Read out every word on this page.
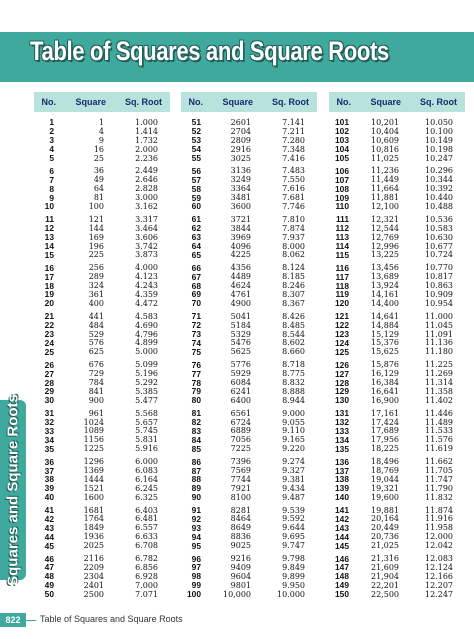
Table of Squares and Square Roots
Squares and Square Roots
No.	Square	Sq. Root
1	1	1.000
2	4	1.414
3	9	1.732
4	16	2.000
5	25	2.236
6	36	2.449
7	49	2.646
8	64	2.828
9	81	3.000
10	100	3.162
11	121	3.317
12	144	3.464
13	169	3.606
14	196	3.742
15	225	3.873
16	256	4.000
17	289	4.123
18	324	4.243
19	361	4.359
20	400	4.472
21	441	4.583
22	484	4.690
23	529	4.796
24	576	4.899
25	625	5.000
26	676	5.099
27	729	5.196
28	784	5.292
29	841	5.385
30	900	5.477
31	961	5.568
32	1024	5.657
33	1089	5.745
34	1156	5.831
35	1225	5.916
36	1296	6.000
37	1369	6.083
38	1444	6.164
39	1521	6.245
40	1600	6.325
41	1681	6.403
42	1764	6.481
43	1849	6.557
44	1936	6.633
45	2025	6.708
46	2116	6.782
47	2209	6.856
48	2304	6.928
49	2401	7.000
50	2500	7.071
No.	Square	Sq. Root
51	2601	7.141
52	2704	7.211
53	2809	7.280
54	2916	7.348
55	3025	7.416
56	3136	7.483
57	3249	7.550
58	3364	7.616
59	3481	7.681
60	3600	7.746
61	3721	7.810
62	3844	7.874
63	3969	7.937
64	4096	8.000
65	4225	8.062
66	4356	8.124
67	4489	8.185
68	4624	8.246
69	4761	8.307
70	4900	8.367
71	5041	8.426
72	5184	8.485
73	5329	8.544
74	5476	8.602
75	5625	8.660
76	5776	8.718
77	5929	8.775
78	6084	8.832
79	6241	8.888
80	6400	8.944
81	6561	9.000
82	6724	9.055
83	6889	9.110
84	7056	9.165
85	7225	9.220
86	7396	9.274
87	7569	9.327
88	7744	9.381
89	7921	9.434
90	8100	9.487
91	8281	9.539
92	8464	9.592
93	8649	9.644
94	8836	9.695
95	9025	9.747
96	9216	9.798
97	9409	9.849
98	9604	9.899
99	9801	9.950
100	10,000	10.000
No.	Square	Sq. Root
101	10,201	10.050
102	10,404	10.100
103	10,609	10.149
104	10,816	10.198
105	11,025	10.247
106	11,236	10.296
107	11,449	10.344
108	11,664	10.392
109	11,881	10.440
110	12,100	10.488
111	12,321	10.536
112	12,544	10.583
113	12,769	10.630
114	12,996	10.677
115	13,225	10.724
116	13,456	10.770
117	13,689	10.817
118	13,924	10.863
119	14,161	10.909
120	14,400	10.954
121	14,641	11.000
122	14,884	11.045
123	15,129	11.091
124	15,376	11.136
125	15,625	11.180
126	15,876	11.225
127	16,129	11.269
128	16,384	11.314
129	16,641	11.358
130	16,900	11.402
131	17,161	11.446
132	17,424	11.489
133	17,689	11.533
134	17,956	11.576
135	18,225	11.619
136	18,496	11.662
137	18,769	11.705
138	19,044	11.747
139	19,321	11.790
140	19,600	11.832
141	19,881	11.874
142	20,164	11.916
143	20,449	11.958
144	20,736	12.000
145	21,025	12.042
146	21,316	12.083
147	21,609	12.124
148	21,904	12.166
149	22,201	12.207
150	22,500	12.247
822	Table of Squares and Square Roots
